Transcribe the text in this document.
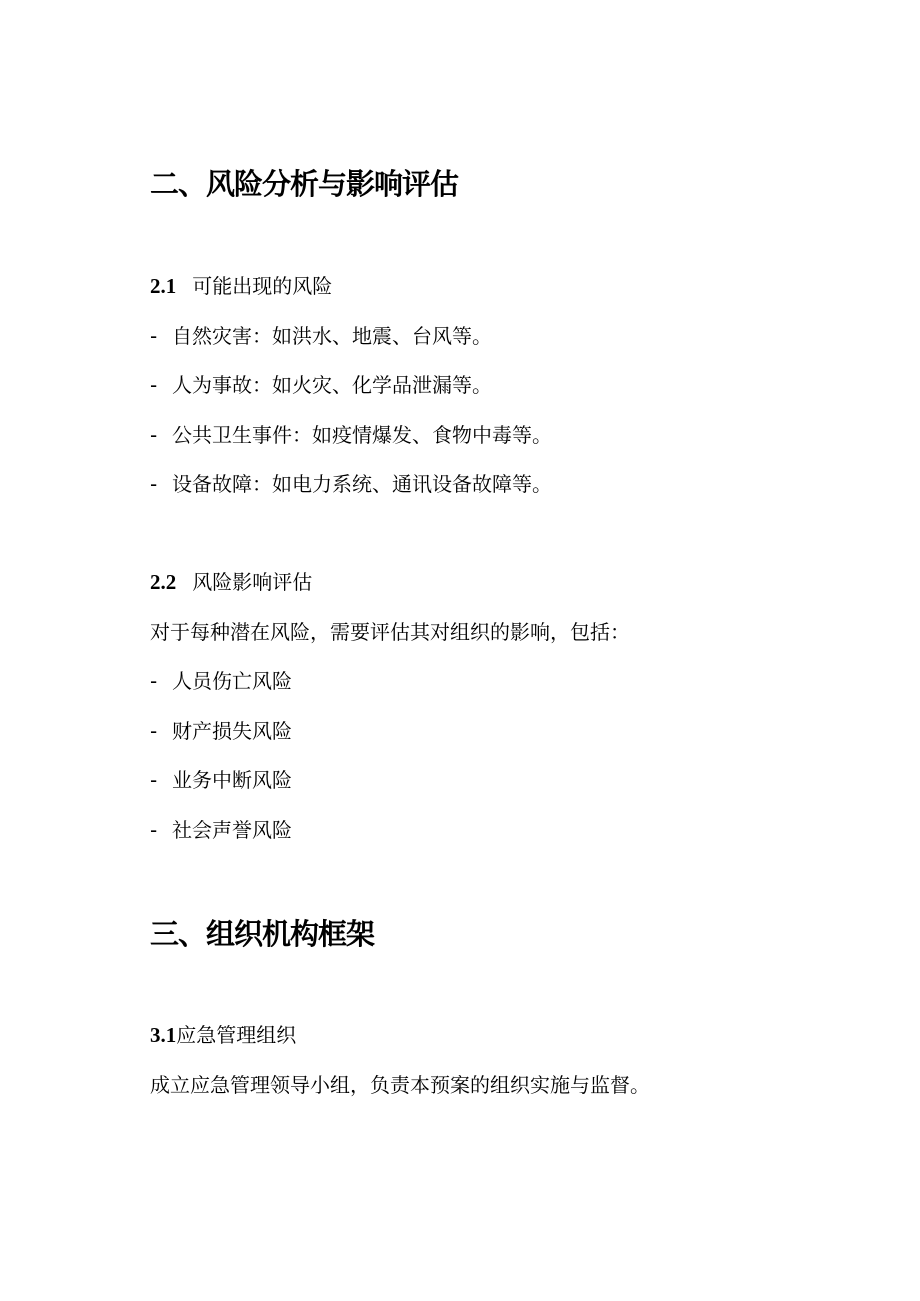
二、风险分析与影响评估
2.1 可能出现的风险
- 自然灾害：如洪水、地震、台风等。
- 人为事故：如火灾、化学品泄漏等。
- 公共卫生事件：如疫情爆发、食物中毒等。
- 设备故障：如电力系统、通讯设备故障等。
2.2 风险影响评估
对于每种潜在风险，需要评估其对组织的影响，包括：
- 人员伤亡风险
- 财产损失风险
- 业务中断风险
- 社会声誉风险
三、组织机构框架
3.1应急管理组织
成立应急管理领导小组，负责本预案的组织实施与监督。
